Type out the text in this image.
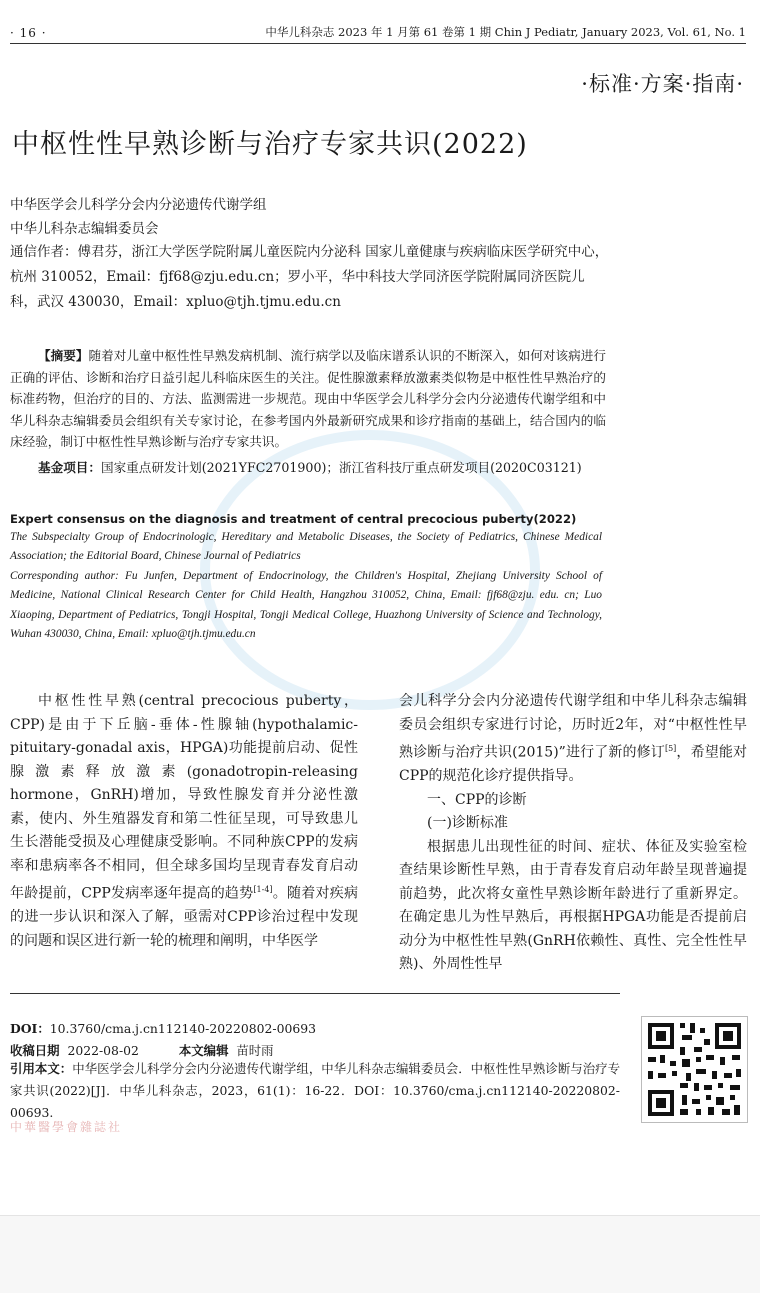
· 16 ·	中华儿科杂志 2023 年 1 月第 61 卷第 1 期 Chin J Pediatr, January 2023, Vol. 61, No. 1
·标准·方案·指南·
中枢性性早熟诊断与治疗专家共识(2022)
中华医学会儿科学分会内分泌遗传代谢学组
中华儿科杂志编辑委员会
通信作者：傅君芬，浙江大学医学院附属儿童医院内分泌科 国家儿童健康与疾病临床医学研究中心，杭州 310052，Email：fjf68@zju.edu.cn；罗小平，华中科技大学同济医学院附属同济医院儿科，武汉 430030，Email：xpluo@tjh.tjmu.edu.cn
【摘要】随着对儿童中枢性性早熟发病机制、流行病学以及临床谱系认识的不断深入，如何对该病进行正确的评估、诊断和治疗日益引起儿科临床医生的关注。促性腺激素释放激素类似物是中枢性性早熟治疗的标准药物，但治疗的目的、方法、监测需进一步规范。现由中华医学会儿科学分会内分泌遗传代谢学组和中华儿科杂志编辑委员会组织有关专家讨论，在参考国内外最新研究成果和诊疗指南的基础上，结合国内的临床经验，制订中枢性性早熟诊断与治疗专家共识。
基金项目：国家重点研发计划(2021YFC2701900)；浙江省科技厅重点研发项目(2020C03121)
Expert consensus on the diagnosis and treatment of central precocious puberty(2022)
The Subspecialty Group of Endocrinologic, Hereditary and Metabolic Diseases, the Society of Pediatrics, Chinese Medical Association; the Editorial Board, Chinese Journal of Pediatrics
Corresponding author: Fu Junfen, Department of Endocrinology, the Children's Hospital, Zhejiang University School of Medicine, National Clinical Research Center for Child Health, Hangzhou 310052, China, Email: fjf68@zju. edu. cn; Luo Xiaoping, Department of Pediatrics, Tongji Hospital, Tongji Medical College, Huazhong University of Science and Technology, Wuhan 430030, China, Email: xpluo@tjh.tjmu.edu.cn

中枢性性早熟(central precocious puberty，CPP)是由于下丘脑-垂体-性腺轴(hypothalamic-pituitary-gonadal axis，HPGA)功能提前启动、促性腺激素释放激素(gonadotropin-releasing hormone，GnRH)增加，导致性腺发育并分泌性激素，使内、外生殖器发育和第二性征呈现，可导致患儿生长潜能受损及心理健康受影响。不同种族CPP的发病率和患病率各不相同，但全球多国均呈现青春发育启动年龄提前，CPP发病率逐年提高的趋势[1-4]。随着对疾病的进一步认识和深入了解，亟需对CPP诊治过程中发现的问题和误区进行新一轮的梳理和阐明，中华医学

会儿科学分会内分泌遗传代谢学组和中华儿科杂志编辑委员会组织专家进行讨论，历时近2年，对“中枢性性早熟诊断与治疗共识(2015)”进行了新的修订[5]，希望能对CPP的规范化诊疗提供指导。

一、CPP的诊断

(一)诊断标准

根据患儿出现性征的时间、症状、体征及实验室检查结果诊断性早熟，由于青春发育启动年龄呈现普遍提前趋势，此次将女童性早熟诊断年龄进行了重新界定。在确定患儿为性早熟后，再根据HPGA功能是否提前启动分为中枢性性早熟(GnRH依赖性、真性、完全性性早熟)、外周性性早

DOI：10.3760/cma.j.cn112140-20220802-00693
收稿日期 2022-08-02	本文编辑 苗时雨
引用本文：中华医学会儿科学分会内分泌遗传代谢学组，中华儿科杂志编辑委员会．中枢性性早熟诊断与治疗专家共识(2022)[J]．中华儿科杂志，2023，61(1)：16-22．DOI：10.3760/cma.j.cn112140-20220802-00693.
中華醫學會雜誌社
